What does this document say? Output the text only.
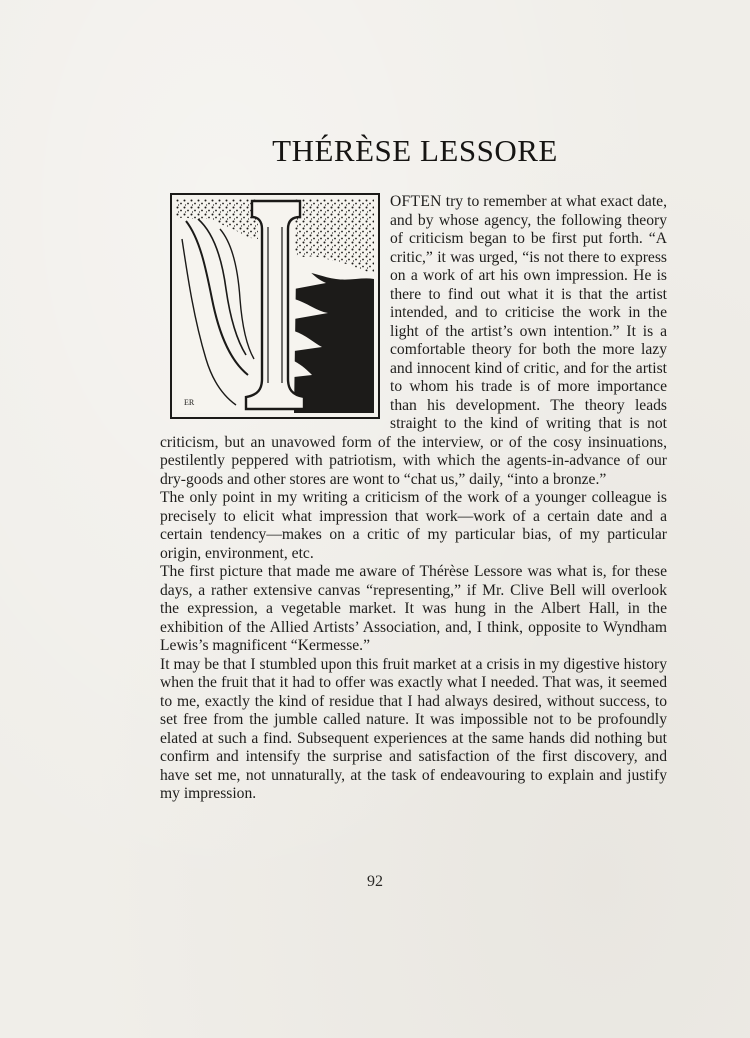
THÉRÈSE LESSORE
ER

OFTEN try to remember at what exact date, and by whose agency, the following theory of criticism began to be first put forth. “A critic,” it was urged, “is not there to express on a work of art his own impression. He is there to find out what it is that the artist intended, and to criticise the work in the light of the artist’s own intention.” It is a comfortable theory for both the more lazy and innocent kind of critic, and for the artist to whom his trade is of more importance than his development. The theory leads straight to the kind of writing that is not criticism, but an unavowed form of the interview, or of the cosy insinuations, pestilently peppered with patriotism, with which the agents-in-advance of our dry-goods and other stores are wont to “chat us,” daily, “into a bronze.”

The only point in my writing a criticism of the work of a younger colleague is precisely to elicit what impression that work—work of a certain date and a certain tendency—makes on a critic of my particular bias, of my particular origin, environment, etc.

The first picture that made me aware of Thérèse Lessore was what is, for these days, a rather extensive canvas “representing,” if Mr. Clive Bell will overlook the expression, a vegetable market. It was hung in the Albert Hall, in the exhibition of the Allied Artists’ Association, and, I think, opposite to Wyndham Lewis’s magnificent “Kermesse.”

It may be that I stumbled upon this fruit market at a crisis in my digestive history when the fruit that it had to offer was exactly what I needed. That was, it seemed to me, exactly the kind of residue that I had always desired, without success, to set free from the jumble called nature. It was impossible not to be profoundly elated at such a find. Subsequent experiences at the same hands did nothing but confirm and intensify the surprise and satisfaction of the first discovery, and have set me, not unnaturally, at the task of endeavouring to explain and justify my impression.

92
